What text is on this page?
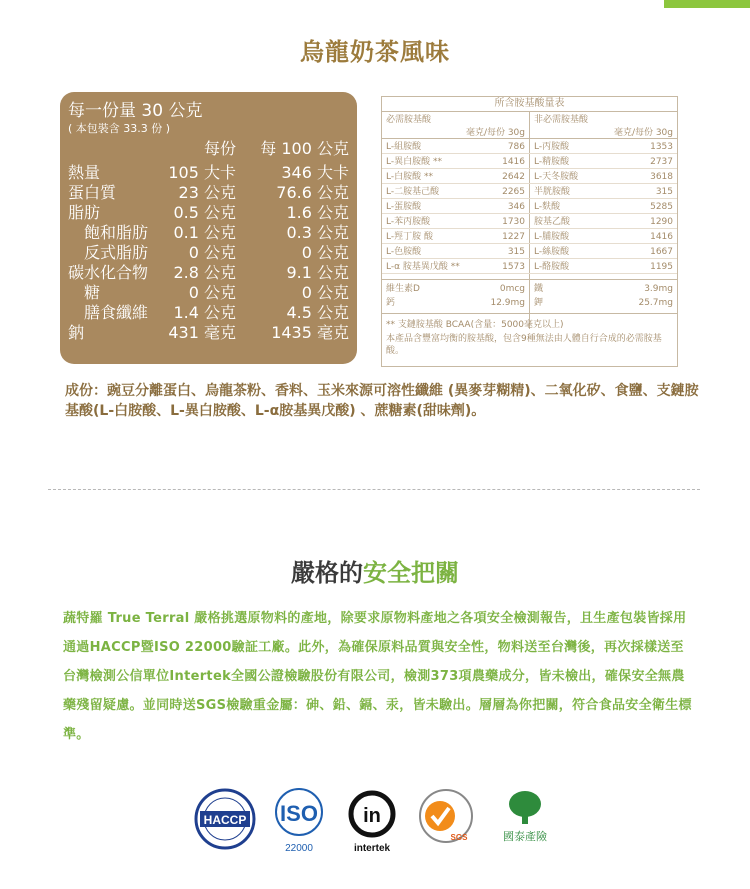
烏龍奶茶風味
每一份量 30 公克
( 本包裝含 33.3 份 )
每份 每 100 公克
熱量	105 大卡	346 大卡
蛋白質	23 公克	76.6 公克
脂肪	0.5 公克	1.6 公克
　飽和脂肪 0.1 公克	0.3 公克
　反式脂肪	0 公克	0 公克
碳水化合物 2.8 公克	9.1 公克
　糖	0 公克	0 公克
　膳食纖維 1.4 公克	4.5 公克
鈉	431 毫克 1435 毫克
所含胺基酸量表
必需胺基酸
毫克/每份 30g
非必需胺基酸
毫克/每份 30g
L-組胺酸	786 L-丙胺酸	1353
L-異白胺酸 **	1416 L-精胺酸	2737
L-白胺酸 **	2642 L-天冬胺酸	3618
L-二胺基己酸	2265 半胱胺酸	315
L-蛋胺酸	346 L-麩酸	5285
L-苯丙胺酸	1730 胺基乙酸	1290
L-羥丁胺 酸	1227 L-脯胺酸	1416
L-色胺酸	315 L-絲胺酸	1667
L-α 胺基異戊酸 **	1573 L-酪胺酸	1195
維生素D	0mcg 鐵	3.9mg
鈣	12.9mg 鉀	25.7mg
** 支鏈胺基酸 BCAA(含量：5000毫克以上)
本產品含豐富均衡的胺基酸，包含9種無法由人體自行合成的必需胺基酸。
成份：豌豆分離蛋白、烏龍茶粉、香料、玉米來源可溶性纖維 (異麥芽糊精)、二氧化矽、食鹽、支鏈胺基酸(L-白胺酸、L-異白胺酸、L-α胺基異戊酸) 、蔗糖素(甜味劑)。
嚴格的安全把關
蔬特羅 True Terral 嚴格挑選原物料的產地，除要求原物料產地之各項安全檢測報告，且生產包裝皆採用通過HACCP暨ISO 22000驗証工廠。此外，為確保原料品質與安全性，物料送至台灣後，再次採樣送至台灣檢測公信單位Intertek全國公證檢驗股份有限公司，檢測373項農藥成分，皆未檢出，確保安全無農藥殘留疑慮。並同時送SGS檢驗重金屬：砷、鉛、鎘、汞，皆未驗出。層層為你把關，符合食品安全衛生標準。
HACCP ISO
22000
in
intertek
SGS	國泰產險
